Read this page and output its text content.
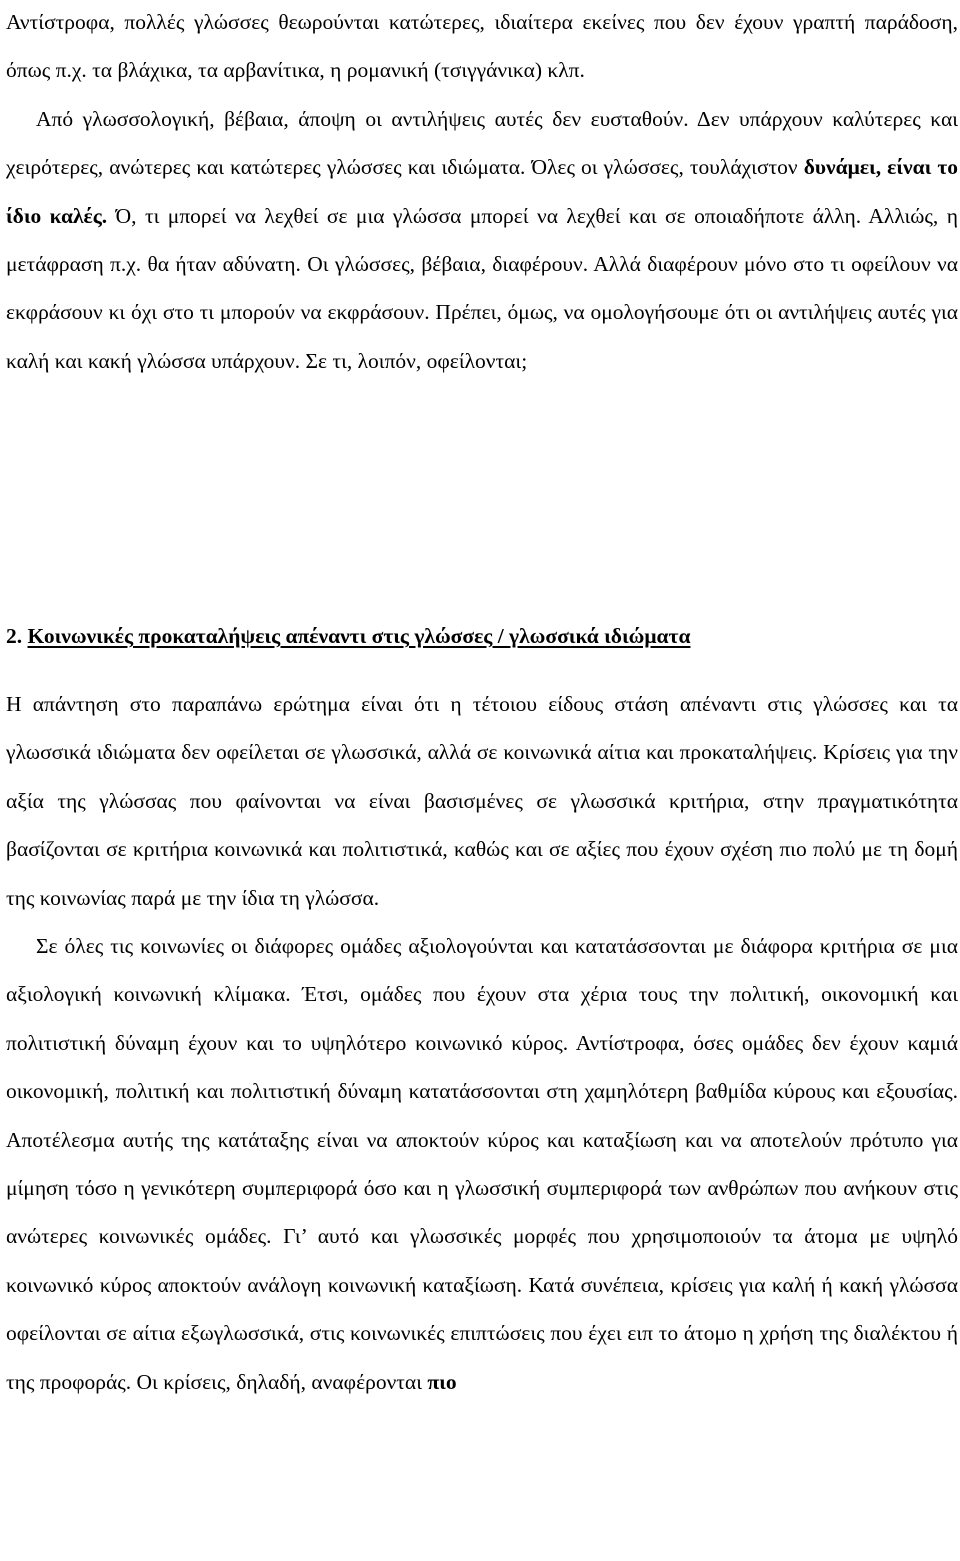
Αντίστροφα, πολλές γλώσσες θεωρούνται κατώτερες, ιδιαίτερα εκείνες που δεν έχουν γραπτή παράδοση, όπως π.χ. τα βλάχικα, τα αρβανίτικα, η ρομανική (τσιγγάνικα) κλπ.

Από γλωσσολογική, βέβαια, άποψη οι αντιλήψεις αυτές δεν ευσταθούν. Δεν υπάρχουν καλύτερες και χειρότερες, ανώτερες και κατώτερες γλώσσες και ιδιώματα. Όλες οι γλώσσες, τουλάχιστον δυνάμει, είναι το ίδιο καλές. Ό, τι μπορεί να λεχθεί σε μια γλώσσα μπορεί να λεχθεί και σε οποιαδήποτε άλλη. Αλλιώς, η μετάφραση π.χ. θα ήταν αδύνατη. Οι γλώσσες, βέβαια, διαφέρουν. Αλλά διαφέρουν μόνο στο τι οφείλουν να εκφράσουν κι όχι στο τι μπορούν να εκφράσουν. Πρέπει, όμως, να ομολογήσουμε ότι οι αντιλήψεις αυτές για καλή και κακή γλώσσα υπάρχουν. Σε τι, λοιπόν, οφείλονται;

2. Κοινωνικές προκαταλήψεις απέναντι στις γλώσσες / γλωσσικά ιδιώματα

Η απάντηση στο παραπάνω ερώτημα είναι ότι η τέτοιου είδους στάση απέναντι στις γλώσσες και τα γλωσσικά ιδιώματα δεν οφείλεται σε γλωσσικά, αλλά σε κοινωνικά αίτια και προκαταλήψεις. Κρίσεις για την αξία της γλώσσας που φαίνονται να είναι βασισμένες σε γλωσσικά κριτήρια, στην πραγματικότητα βασίζονται σε κριτήρια κοινωνικά και πολιτιστικά, καθώς και σε αξίες που έχουν σχέση πιο πολύ με τη δομή της κοινωνίας παρά με την ίδια τη γλώσσα.

Σε όλες τις κοινωνίες οι διάφορες ομάδες αξιολογούνται και κατατάσσονται με διάφορα κριτήρια σε μια αξιολογική κοινωνική κλίμακα. Έτσι, ομάδες που έχουν στα χέρια τους την πολιτική, οικονομική και πολιτιστική δύναμη έχουν και το υψηλότερο κοινωνικό κύρος. Αντίστροφα, όσες ομάδες δεν έχουν καμιά οικονομική, πολιτική και πολιτιστική δύναμη κατατάσσονται στη χαμηλότερη βαθμίδα κύρους και εξουσίας. Αποτέλεσμα αυτής της κατάταξης είναι να αποκτούν κύρος και καταξίωση και να αποτελούν πρότυπο για μίμηση τόσο η γενικότερη συμπεριφορά όσο και η γλωσσική συμπεριφορά των ανθρώπων που ανήκουν στις ανώτερες κοινωνικές ομάδες. Γι’ αυτό και γλωσσικές μορφές που χρησιμοποιούν τα άτομα με υψηλό κοινωνικό κύρος αποκτούν ανάλογη κοινωνική καταξίωση. Κατά συνέπεια, κρίσεις για καλή ή κακή γλώσσα οφείλονται σε αίτια εξωγλωσσικά, στις κοινωνικές επιπτώσεις που έχει ειπ το άτομο η χρήση της διαλέκτου ή της προφοράς. Οι κρίσεις, δηλαδή, αναφέρονται πιο
